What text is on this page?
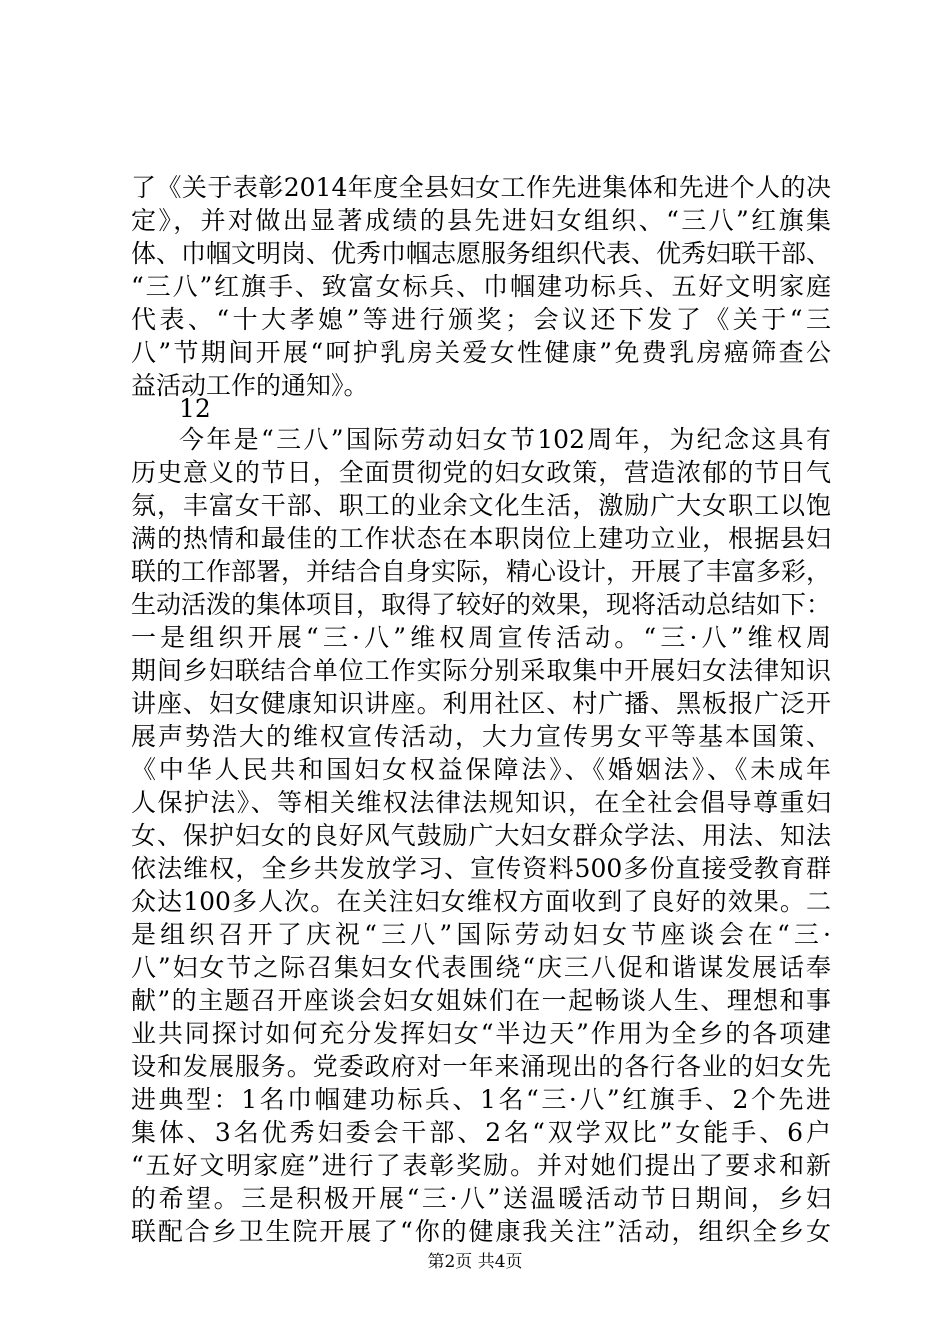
了《关于表彰2014年度全县妇女工作先进集体和先进个人的决
定》，并对做出显著成绩的县先进妇女组织、“三八”红旗集
体、巾帼文明岗、优秀巾帼志愿服务组织代表、优秀妇联干部、
“三八”红旗手、致富女标兵、巾帼建功标兵、五好文明家庭
代表、“十大孝媳”等进行颁奖；会议还下发了《关于“三
八”节期间开展“呵护乳房关爱女性健康”免费乳房癌筛查公
益活动工作的通知》。
12
今年是“三八”国际劳动妇女节102周年，为纪念这具有
历史意义的节日，全面贯彻党的妇女政策，营造浓郁的节日气
氛，丰富女干部、职工的业余文化生活，激励广大女职工以饱
满的热情和最佳的工作状态在本职岗位上建功立业，根据县妇
联的工作部署，并结合自身实际，精心设计，开展了丰富多彩，
生动活泼的集体项目，取得了较好的效果，现将活动总结如下：
一是组织开展“三·八”维权周宣传活动。“三·八”维权周
期间乡妇联结合单位工作实际分别采取集中开展妇女法律知识
讲座、妇女健康知识讲座。利用社区、村广播、黑板报广泛开
展声势浩大的维权宣传活动，大力宣传男女平等基本国策、
《中华人民共和国妇女权益保障法》、《婚姻法》、《未成年
人保护法》、等相关维权法律法规知识，在全社会倡导尊重妇
女、保护妇女的良好风气鼓励广大妇女群众学法、用法、知法
依法维权，全乡共发放学习、宣传资料500多份直接受教育群
众达100多人次。在关注妇女维权方面收到了良好的效果。二
是组织召开了庆祝“三八”国际劳动妇女节座谈会在“三·
八”妇女节之际召集妇女代表围绕“庆三八促和谐谋发展话奉
献”的主题召开座谈会妇女姐妹们在一起畅谈人生、理想和事
业共同探讨如何充分发挥妇女“半边天”作用为全乡的各项建
设和发展服务。党委政府对一年来涌现出的各行各业的妇女先
进典型：1名巾帼建功标兵、1名“三·八”红旗手、2个先进
集体、3名优秀妇委会干部、2名“双学双比”女能手、6户
“五好文明家庭”进行了表彰奖励。并对她们提出了要求和新
的希望。三是积极开展“三·八”送温暖活动节日期间，乡妇
联配合乡卫生院开展了“你的健康我关注”活动，组织全乡女
第2页 共4页
